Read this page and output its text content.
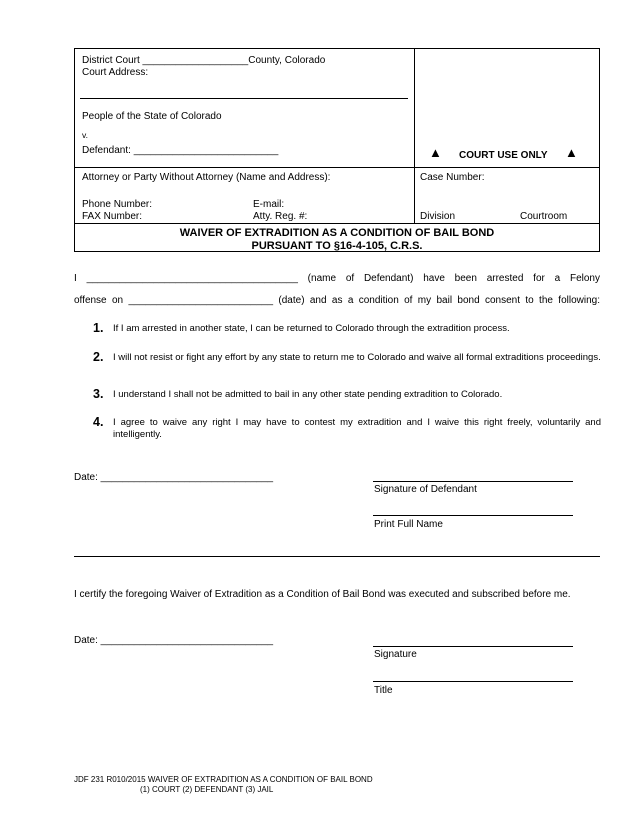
District Court ___________________County, Colorado
Court Address:
People of the State of Colorado
v.
Defendant: __________________________	▲ COURT USE ONLY ▲
Attorney or Party Without Attorney (Name and Address):
Phone Number:
FAX Number:
E-mail:
Atty. Reg. #:
Case Number:
Division	Courtroom
WAIVER OF EXTRADITION AS A CONDITION OF BAIL BOND
PURSUANT TO §16-4-105, C.R.S.
I ______________________________________ (name of Defendant) have been arrested for a Felony
offense on __________________________ (date) and as a condition of my bail bond consent to the following:
1. If I am arrested in another state, I can be returned to Colorado through the extradition process.
2. I will not resist or fight any effort by any state to return me to Colorado and waive all formal extraditions proceedings.
3. I understand I shall not be admitted to bail in any other state pending extradition to Colorado.
4. I agree to waive any right I may have to contest my extradition and I waive this right freely, voluntarily and intelligently.
Date: _______________________________
Signature of Defendant
Print Full Name
I certify the foregoing Waiver of Extradition as a Condition of Bail Bond was executed and subscribed before me.
Date: _______________________________
Signature
Title
JDF 231 R010/2015 WAIVER OF EXTRADITION AS A CONDITION OF BAIL BOND
(1) COURT (2) DEFENDANT (3) JAIL
